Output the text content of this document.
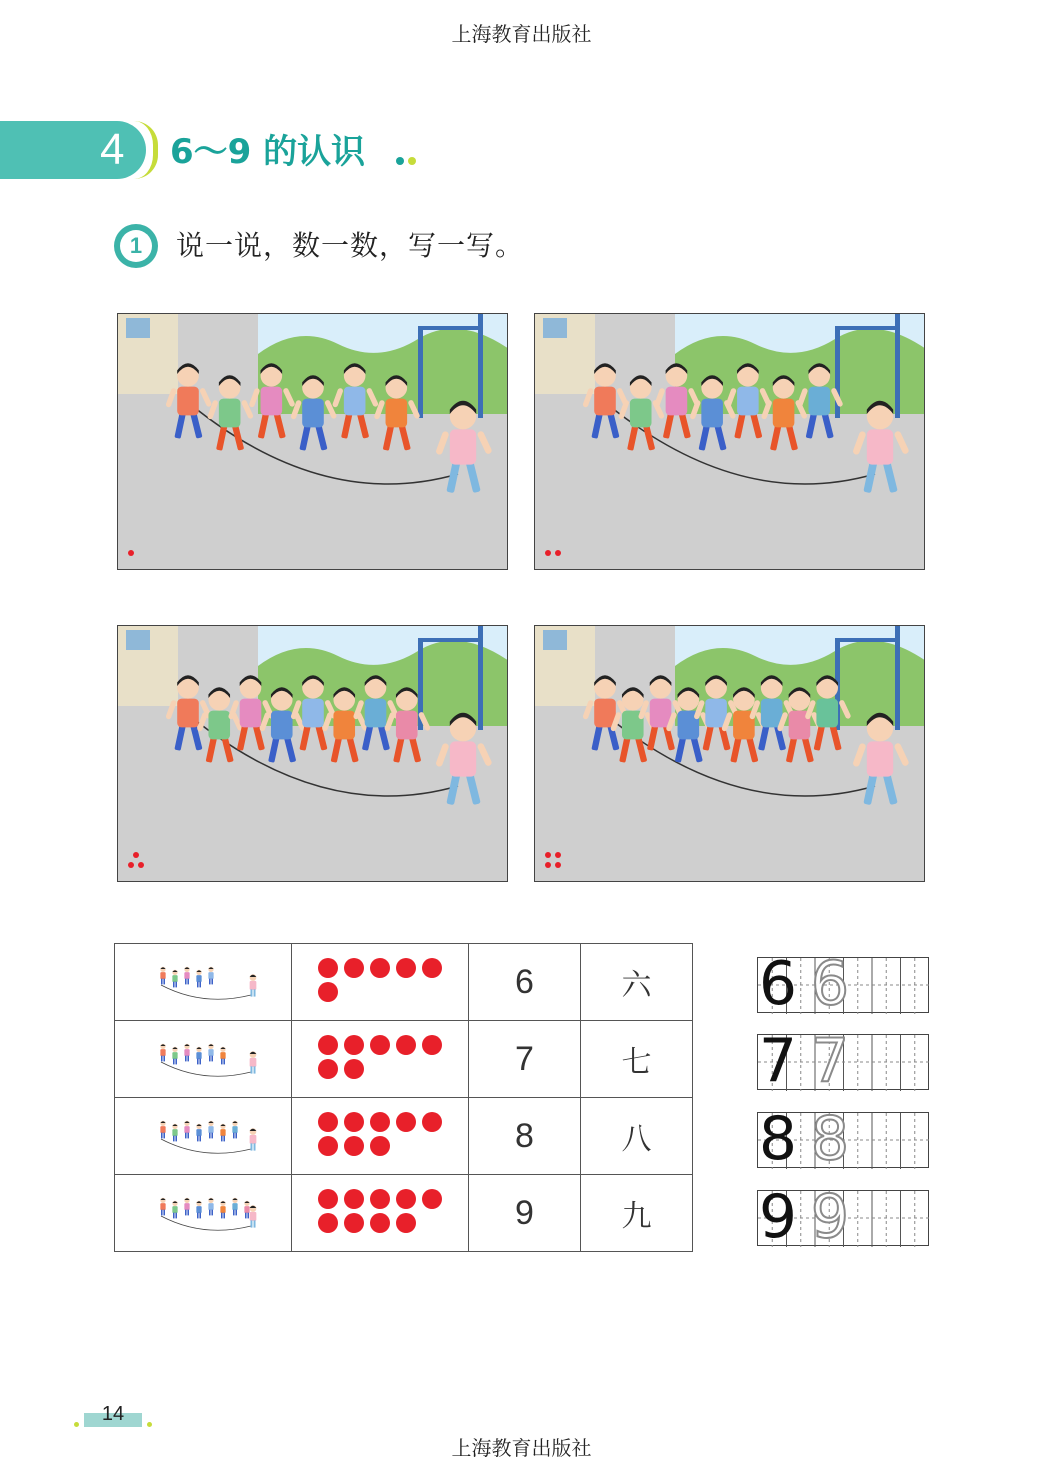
上海教育出版社
4 6～9 的认识
1	说一说，数一数，写一写。

	6	六

	7	七

	8	八

	9	九
6 6
7 7
8 8
9 9
14
上海教育出版社
